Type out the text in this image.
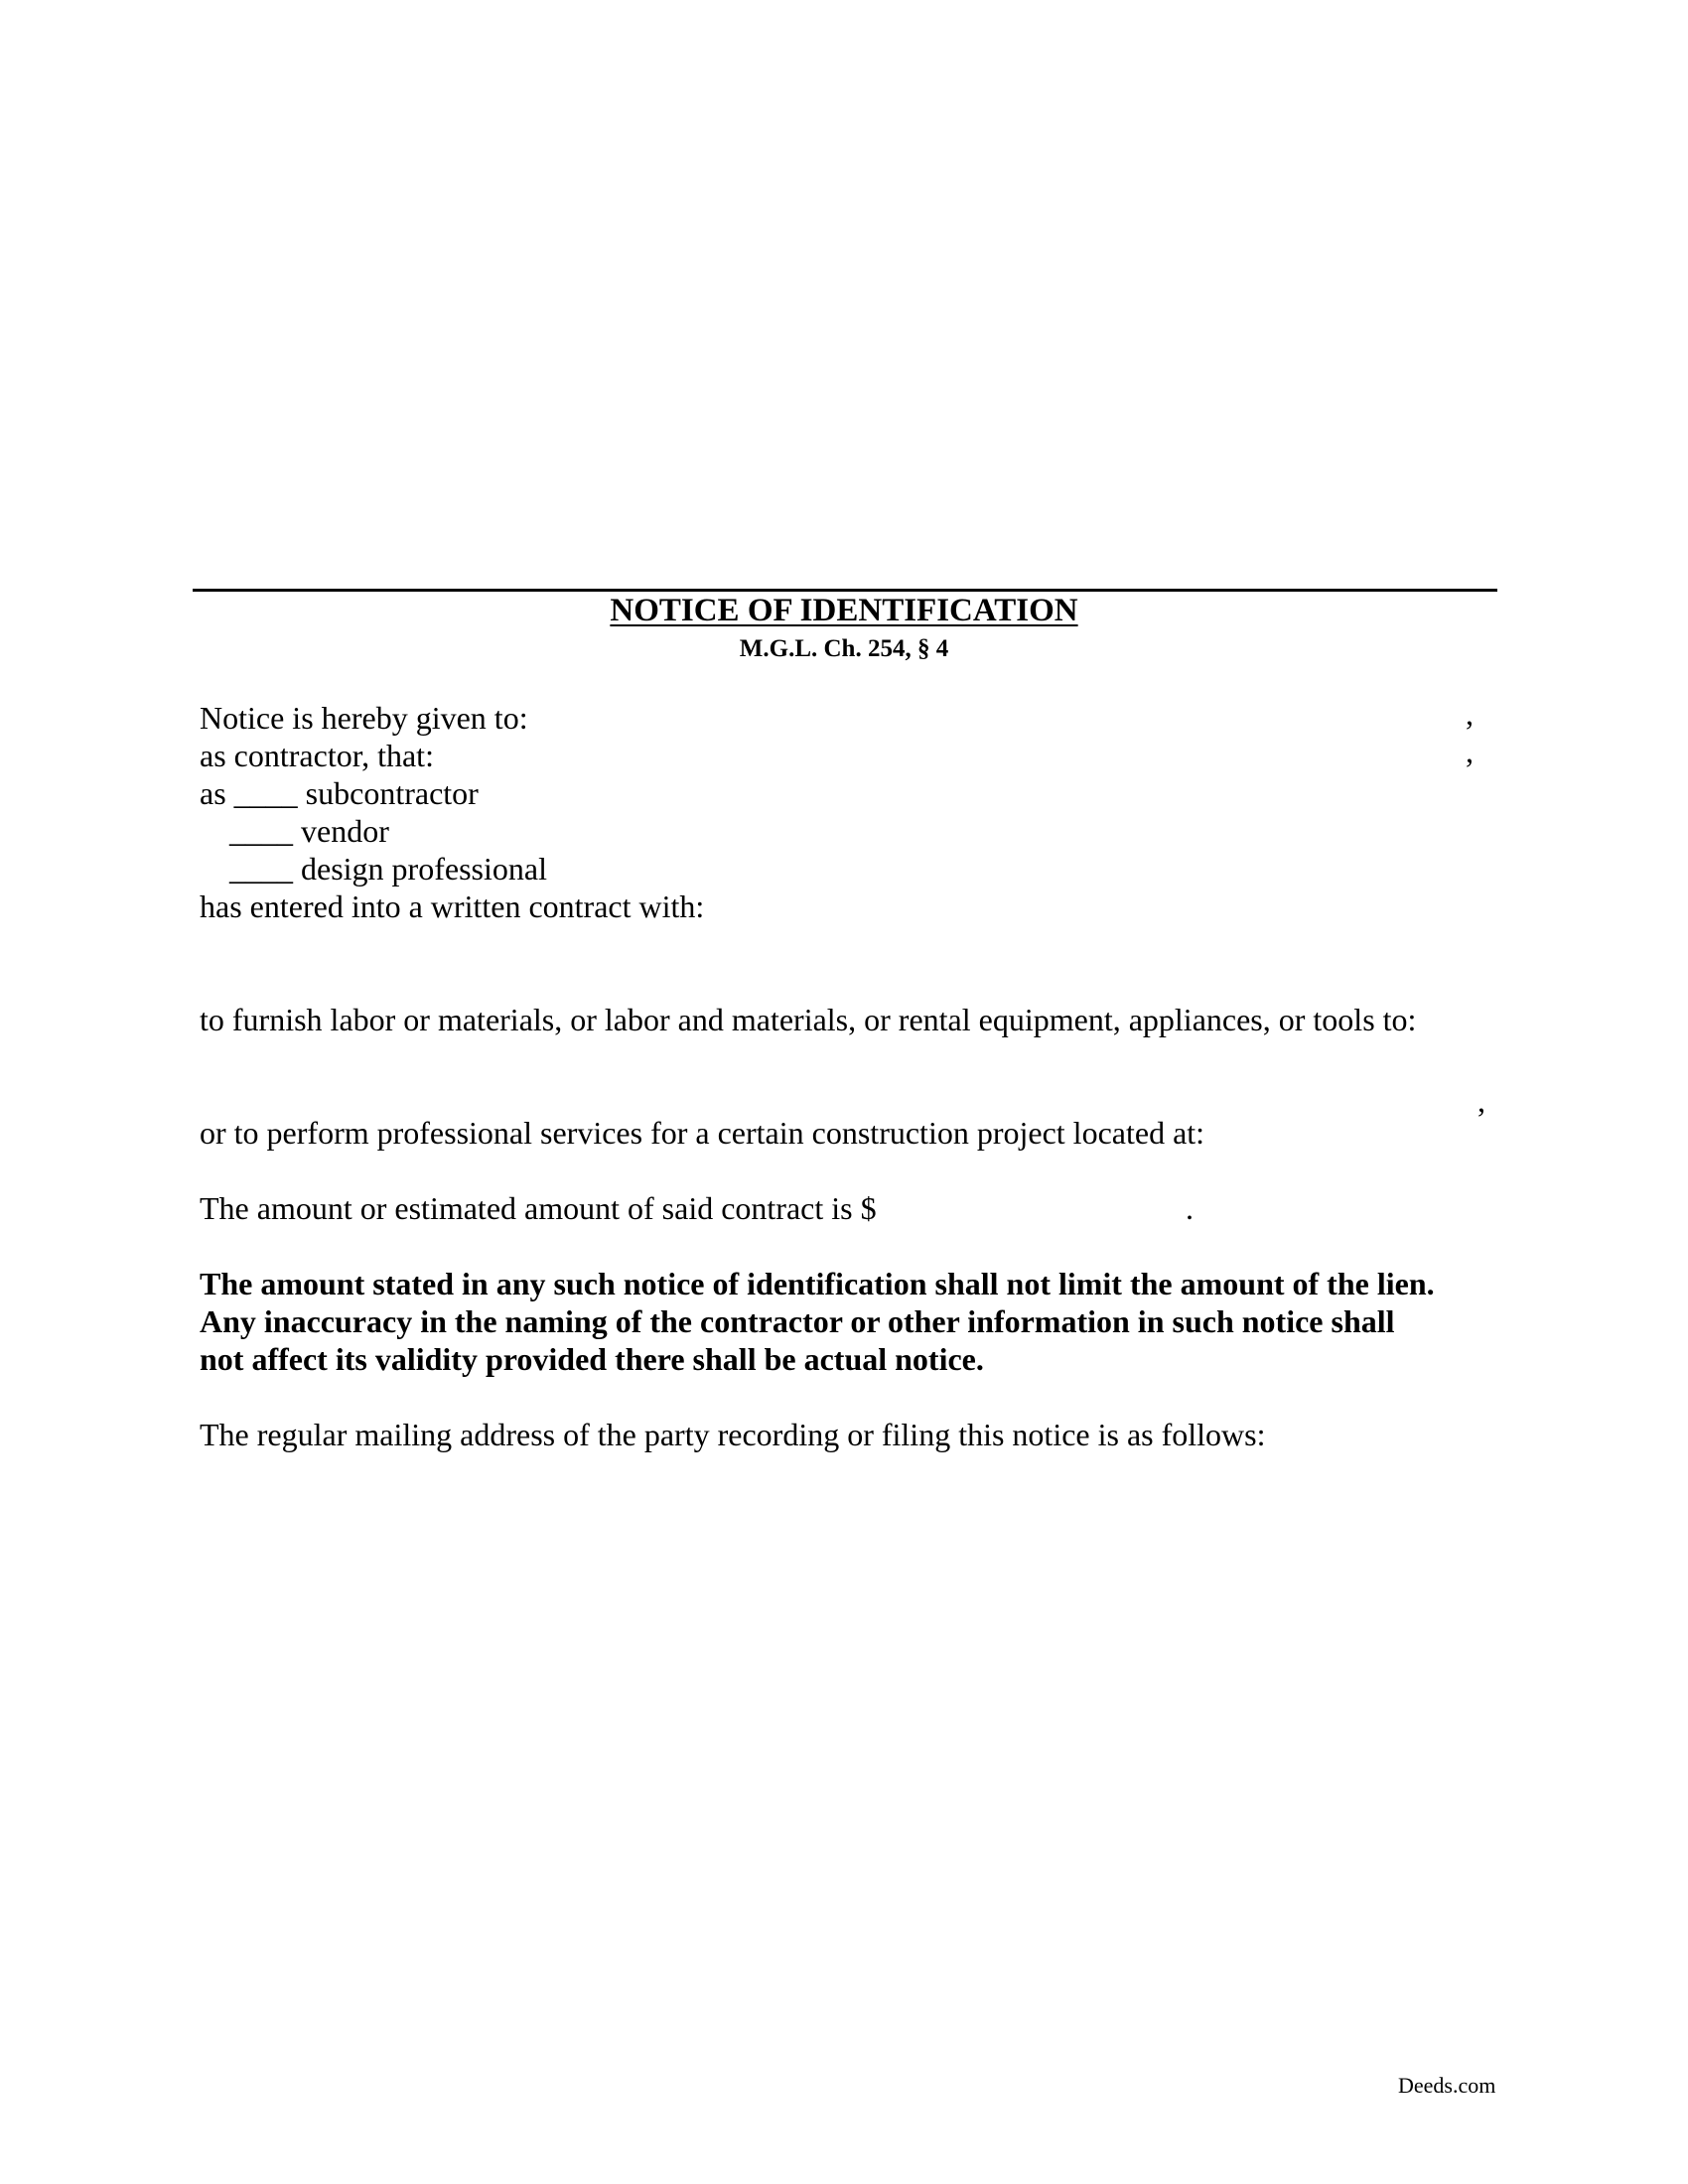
NOTICE OF IDENTIFICATION
M.G.L. Ch. 254, § 4
Notice is hereby given to:	,
as contractor, that:	,
as ____ subcontractor
____ vendor
____ design professional
has entered into a written contract with:
to furnish labor or materials, or labor and materials, or rental equipment, appliances, or tools to:
,
or to perform professional services for a certain construction project located at:
The amount or estimated amount of said contract is $	.
The amount stated in any such notice of identification shall not limit the amount of the lien.
Any inaccuracy in the naming of the contractor or other information in such notice shall
not affect its validity provided there shall be actual notice.
The regular mailing address of the party recording or filing this notice is as follows:
Deeds.com
